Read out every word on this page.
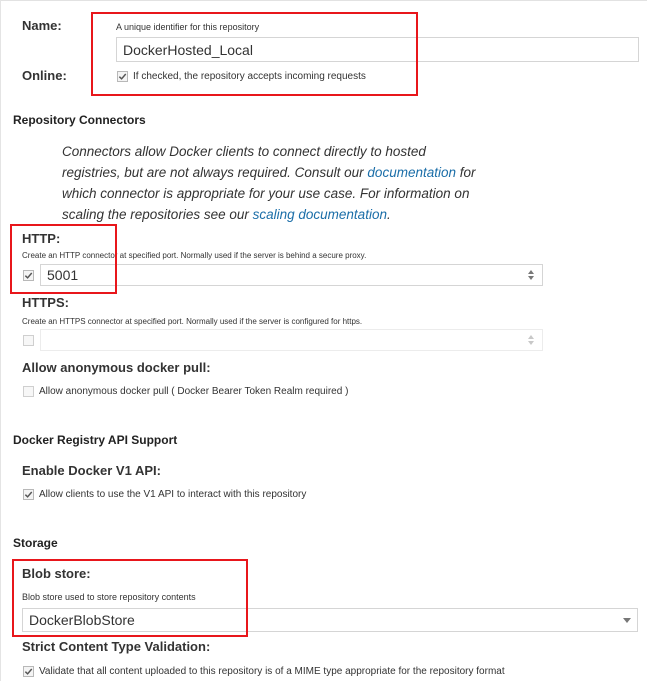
Name:	A unique identifier for this repository
DockerHosted_Local
Online:	If checked, the repository accepts incoming requests
Repository Connectors
Connectors allow Docker clients to connect directly to hosted
registries, but are not always required. Consult our documentation for
which connector is appropriate for your use case. For information on
scaling the repositories see our scaling documentation.
HTTP:
Create an HTTP connector at specified port. Normally used if the server is behind a secure proxy.
5001
HTTPS:
Create an HTTPS connector at specified port. Normally used if the server is configured for https.
Allow anonymous docker pull:
Allow anonymous docker pull ( Docker Bearer Token Realm required )
Docker Registry API Support
Enable Docker V1 API:
Allow clients to use the V1 API to interact with this repository
Storage
Blob store:
Blob store used to store repository contents
DockerBlobStore
Strict Content Type Validation:
Validate that all content uploaded to this repository is of a MIME type appropriate for the repository format
